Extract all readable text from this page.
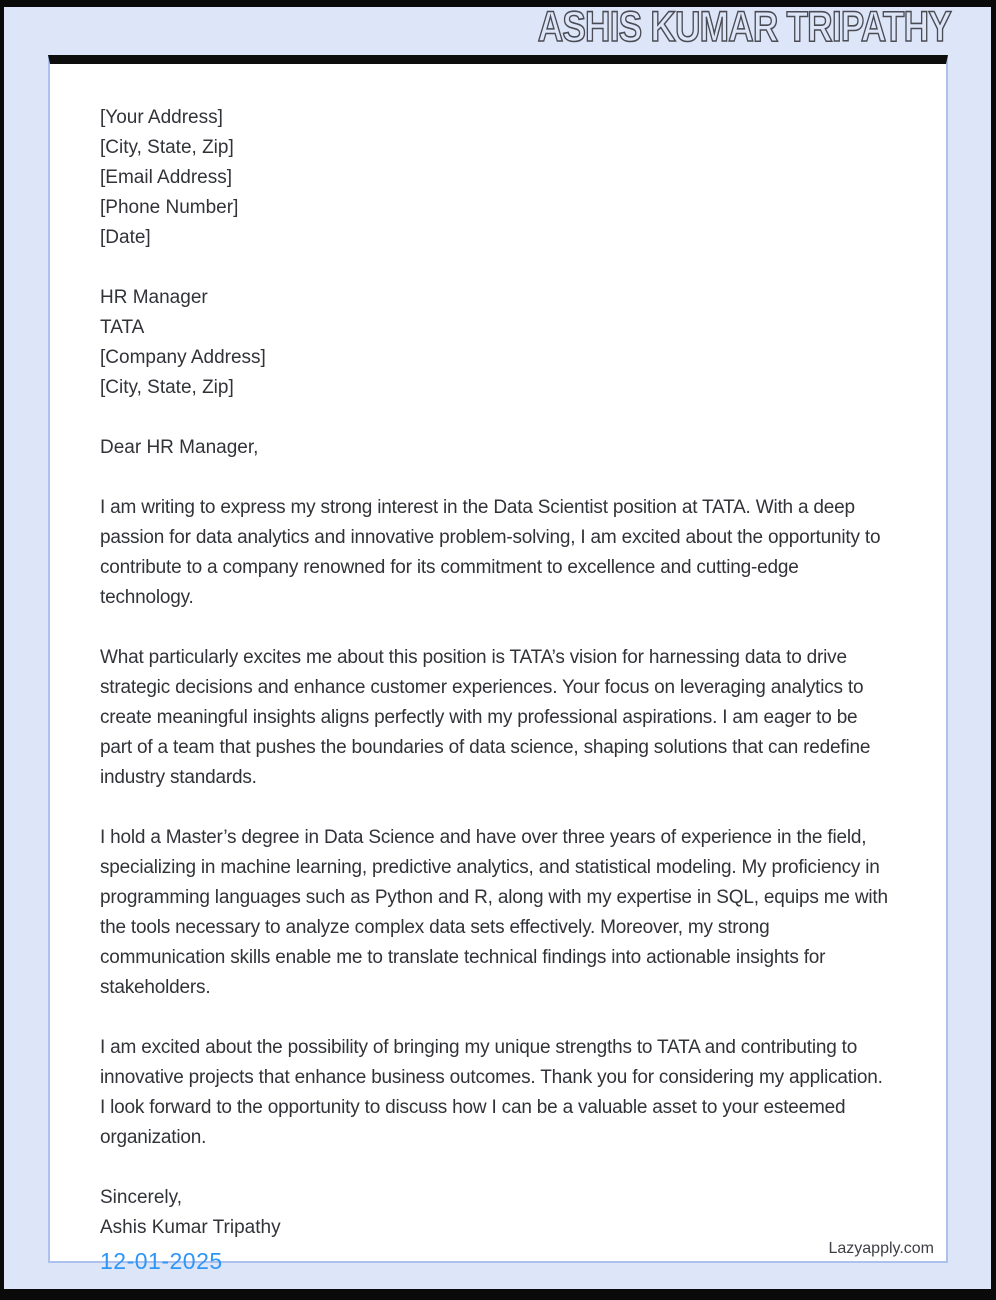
ASHIS KUMAR TRIPATHY
[Your Address]
[City, State, Zip]
[Email Address]
[Phone Number]
[Date]
HR Manager
TATA
[Company Address]
[City, State, Zip]
Dear HR Manager,

I am writing to express my strong interest in the Data Scientist position at TATA. With a deep passion for data analytics and innovative problem-solving, I am excited about the opportunity to contribute to a company renowned for its commitment to excellence and cutting-edge technology.

What particularly excites me about this position is TATA’s vision for harnessing data to drive strategic decisions and enhance customer experiences. Your focus on leveraging analytics to create meaningful insights aligns perfectly with my professional aspirations. I am eager to be part of a team that pushes the boundaries of data science, shaping solutions that can redefine industry standards.

I hold a Master’s degree in Data Science and have over three years of experience in the field, specializing in machine learning, predictive analytics, and statistical modeling. My proficiency in programming languages such as Python and R, along with my expertise in SQL, equips me with the tools necessary to analyze complex data sets effectively. Moreover, my strong communication skills enable me to translate technical findings into actionable insights for stakeholders.

I am excited about the possibility of bringing my unique strengths to TATA and contributing to innovative projects that enhance business outcomes. Thank you for considering my application. I look forward to the opportunity to discuss how I can be a valuable asset to your esteemed organization.

Sincerely,
Ashis Kumar Tripathy
Lazyapply.com
12-01-2025
